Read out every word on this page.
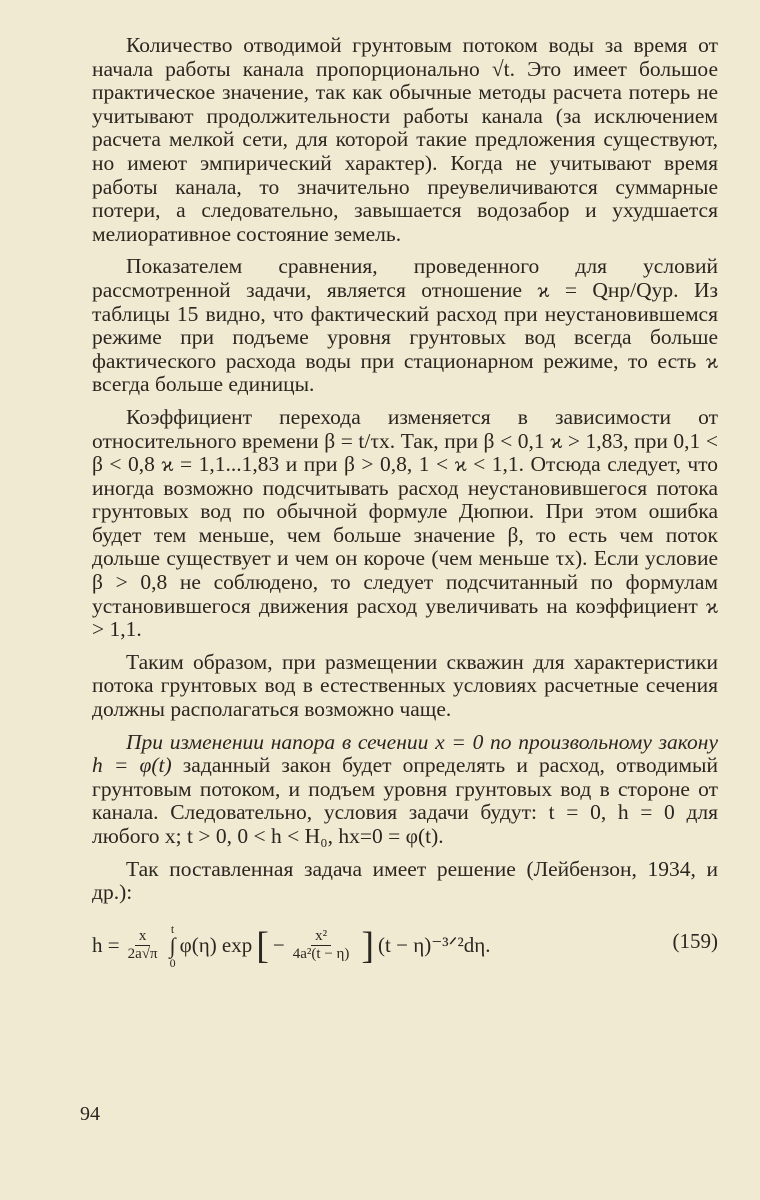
Количество отводимой грунтовым потоком воды за время от начала работы канала пропорционально √t. Это имеет большое практическое значение, так как обычные методы расчета потерь не учитывают продолжительности работы канала (за исключением расчета мелкой сети, для которой такие предложения существуют, но имеют эмпирический характер). Когда не учитывают время работы канала, то значительно преувеличиваются суммарные потери, а следовательно, завышается водозабор и ухудшается мелиоративное состояние земель.

Показателем сравнения, проведенного для условий рассмотренной задачи, является отношение ϰ = Qнр/Qур. Из таблицы 15 видно, что фактический расход при неустановившемся режиме при подъеме уровня грунтовых вод всегда больше фактического расхода воды при стационарном режиме, то есть ϰ всегда больше единицы.

Коэффициент перехода изменяется в зависимости от относительного времени β = t/τx. Так, при β < 0,1 ϰ > 1,83, при 0,1 < β < 0,8 ϰ = 1,1...1,83 и при β > 0,8, 1 < ϰ < 1,1. Отсюда следует, что иногда возможно подсчитывать расход неустановившегося потока грунтовых вод по обычной формуле Дюпюи. При этом ошибка будет тем меньше, чем больше значение β, то есть чем поток дольше существует и чем он короче (чем меньше τx). Если условие β > 0,8 не соблюдено, то следует подсчитанный по формулам установившегося движения расход увеличивать на коэффициент ϰ > 1,1.

Таким образом, при размещении скважин для характеристики потока грунтовых вод в естественных условиях расчетные сечения должны располагаться возможно чаще.

При изменении напора в сечении x = 0 по произвольному закону h = φ(t) заданный закон будет определять и расход, отводимый грунтовым потоком, и подъем уровня грунтовых вод в стороне от канала. Следовательно, условия задачи будут: t = 0, h = 0 для любого x; t > 0, 0 < h < H₀, hx=0 = φ(t).

Так поставленная задача имеет решение (Лейбензон, 1934, и др.):

$h = \frac{x}{2a√\pi}$ t
∫
0
φ(η) exp [ − $\frac{\text{x²}}{\text{4a²(t − η)}}$ ] (t − η)⁻³ᐟ²dη.	(159)
94
